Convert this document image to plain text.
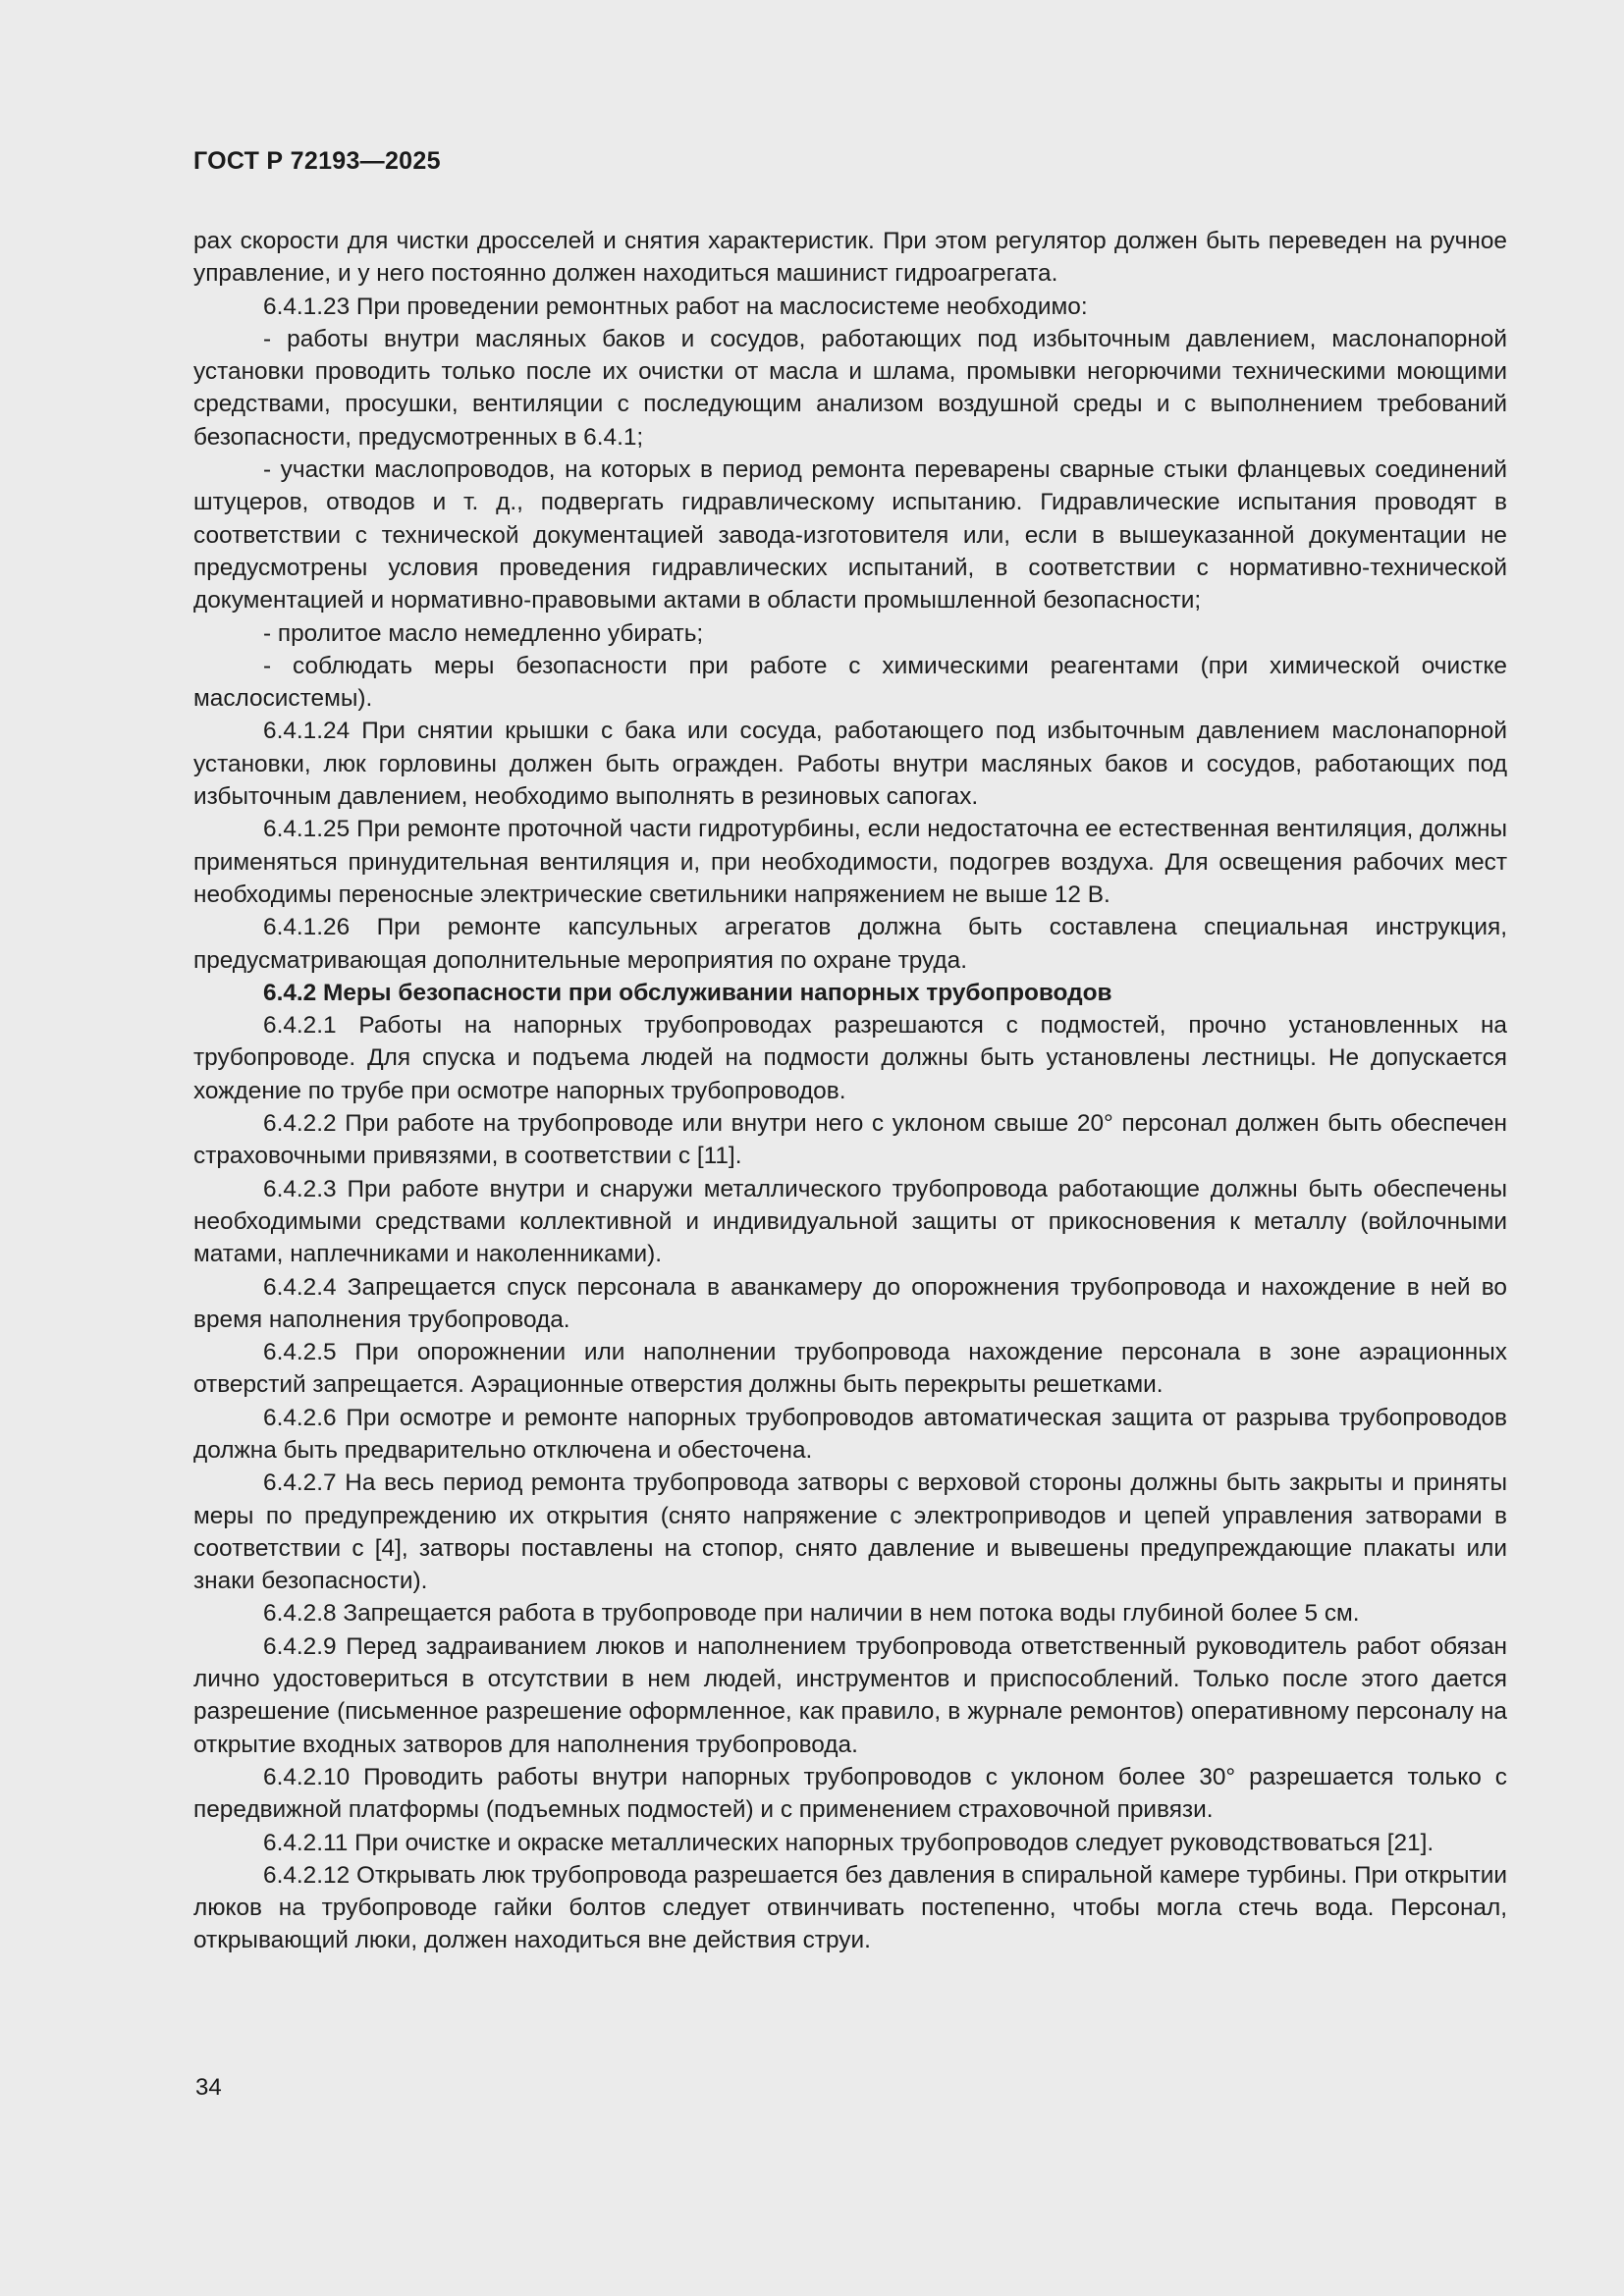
ГОСТ Р 72193—2025

рах скорости для чистки дросселей и снятия характеристик. При этом регулятор должен быть переведен на ручное управление, и у него постоянно должен находиться машинист гидроагрегата.

6.4.1.23 При проведении ремонтных работ на маслосистеме необходимо:

- работы внутри масляных баков и сосудов, работающих под избыточным давлением, маслонапорной установки проводить только после их очистки от масла и шлама, промывки негорючими техническими моющими средствами, просушки, вентиляции с последующим анализом воздушной среды и с выполнением требований безопасности, предусмотренных в 6.4.1;

- участки маслопроводов, на которых в период ремонта переварены сварные стыки фланцевых соединений штуцеров, отводов и т. д., подвергать гидравлическому испытанию. Гидравлические испытания проводят в соответствии с технической документацией завода-изготовителя или, если в вышеуказанной документации не предусмотрены условия проведения гидравлических испытаний, в соответствии с нормативно-технической документацией и нормативно-правовыми актами в области промышленной безопасности;

- пролитое масло немедленно убирать;

- соблюдать меры безопасности при работе с химическими реагентами (при химической очистке маслосистемы).

6.4.1.24 При снятии крышки с бака или сосуда, работающего под избыточным давлением маслонапорной установки, люк горловины должен быть огражден. Работы внутри масляных баков и сосудов, работающих под избыточным давлением, необходимо выполнять в резиновых сапогах.

6.4.1.25 При ремонте проточной части гидротурбины, если недостаточна ее естественная вентиляция, должны применяться принудительная вентиляция и, при необходимости, подогрев воздуха. Для освещения рабочих мест необходимы переносные электрические светильники напряжением не выше 12 В.

6.4.1.26 При ремонте капсульных агрегатов должна быть составлена специальная инструкция, предусматривающая дополнительные мероприятия по охране труда.

6.4.2 Меры безопасности при обслуживании напорных трубопроводов

6.4.2.1 Работы на напорных трубопроводах разрешаются с подмостей, прочно установленных на трубопроводе. Для спуска и подъема людей на подмости должны быть установлены лестницы. Не допускается хождение по трубе при осмотре напорных трубопроводов.

6.4.2.2 При работе на трубопроводе или внутри него с уклоном свыше 20° персонал должен быть обеспечен страховочными привязями, в соответствии с [11].

6.4.2.3 При работе внутри и снаружи металлического трубопровода работающие должны быть обеспечены необходимыми средствами коллективной и индивидуальной защиты от прикосновения к металлу (войлочными матами, наплечниками и наколенниками).

6.4.2.4 Запрещается спуск персонала в аванкамеру до опорожнения трубопровода и нахождение в ней во время наполнения трубопровода.

6.4.2.5 При опорожнении или наполнении трубопровода нахождение персонала в зоне аэрационных отверстий запрещается. Аэрационные отверстия должны быть перекрыты решетками.

6.4.2.6 При осмотре и ремонте напорных трубопроводов автоматическая защита от разрыва трубопроводов должна быть предварительно отключена и обесточена.

6.4.2.7 На весь период ремонта трубопровода затворы с верховой стороны должны быть закрыты и приняты меры по предупреждению их открытия (снято напряжение с электроприводов и цепей управления затворами в соответствии с [4], затворы поставлены на стопор, снято давление и вывешены предупреждающие плакаты или знаки безопасности).

6.4.2.8 Запрещается работа в трубопроводе при наличии в нем потока воды глубиной более 5 см.

6.4.2.9 Перед задраиванием люков и наполнением трубопровода ответственный руководитель работ обязан лично удостовериться в отсутствии в нем людей, инструментов и приспособлений. Только после этого дается разрешение (письменное разрешение оформленное, как правило, в журнале ремонтов) оперативному персоналу на открытие входных затворов для наполнения трубопровода.

6.4.2.10 Проводить работы внутри напорных трубопроводов с уклоном более 30° разрешается только с передвижной платформы (подъемных подмостей) и с применением страховочной привязи.

6.4.2.11 При очистке и окраске металлических напорных трубопроводов следует руководствоваться [21].

6.4.2.12 Открывать люк трубопровода разрешается без давления в спиральной камере турбины. При открытии люков на трубопроводе гайки болтов следует отвинчивать постепенно, чтобы могла стечь вода. Персонал, открывающий люки, должен находиться вне действия струи.

34
